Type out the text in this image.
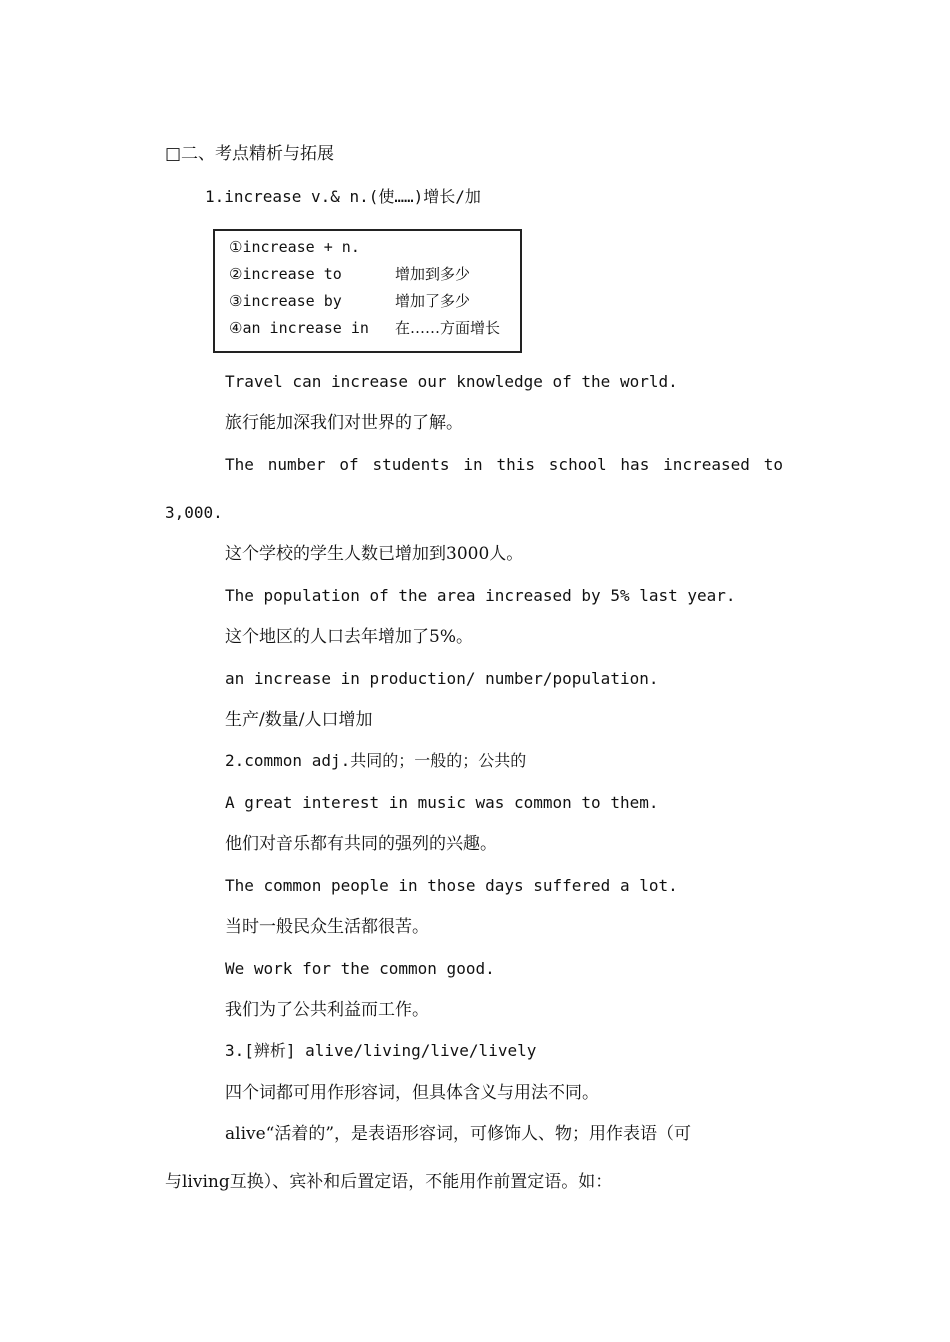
□二、考点精析与拓展
1.increase v.& n.(使……)增长/加
①increase + n.
②increase to	增加到多少
③increase by	增加了多少
④an increase in 在……方面增长
Travel can increase our knowledge of the world.
旅行能加深我们对世界的了解。
The number of students in this school has increased to
3,000.
这个学校的学生人数已增加到3000人。
The population of the area increased by 5% last year.
这个地区的人口去年增加了5%。
an increase in production/ number/population.
生产/数量/人口增加
2.common adj.共同的；一般的；公共的
A great interest in music was common to them.
他们对音乐都有共同的强列的兴趣。
The common people in those days suffered a lot.
当时一般民众生活都很苦。
We work for the common good.
我们为了公共利益而工作。
3.[辨析] alive/living/live/lively
四个词都可用作形容词，但具体含义与用法不同。
alive“活着的”，是表语形容词，可修饰人、物；用作表语（可
与living互换）、宾补和后置定语，不能用作前置定语。如：
